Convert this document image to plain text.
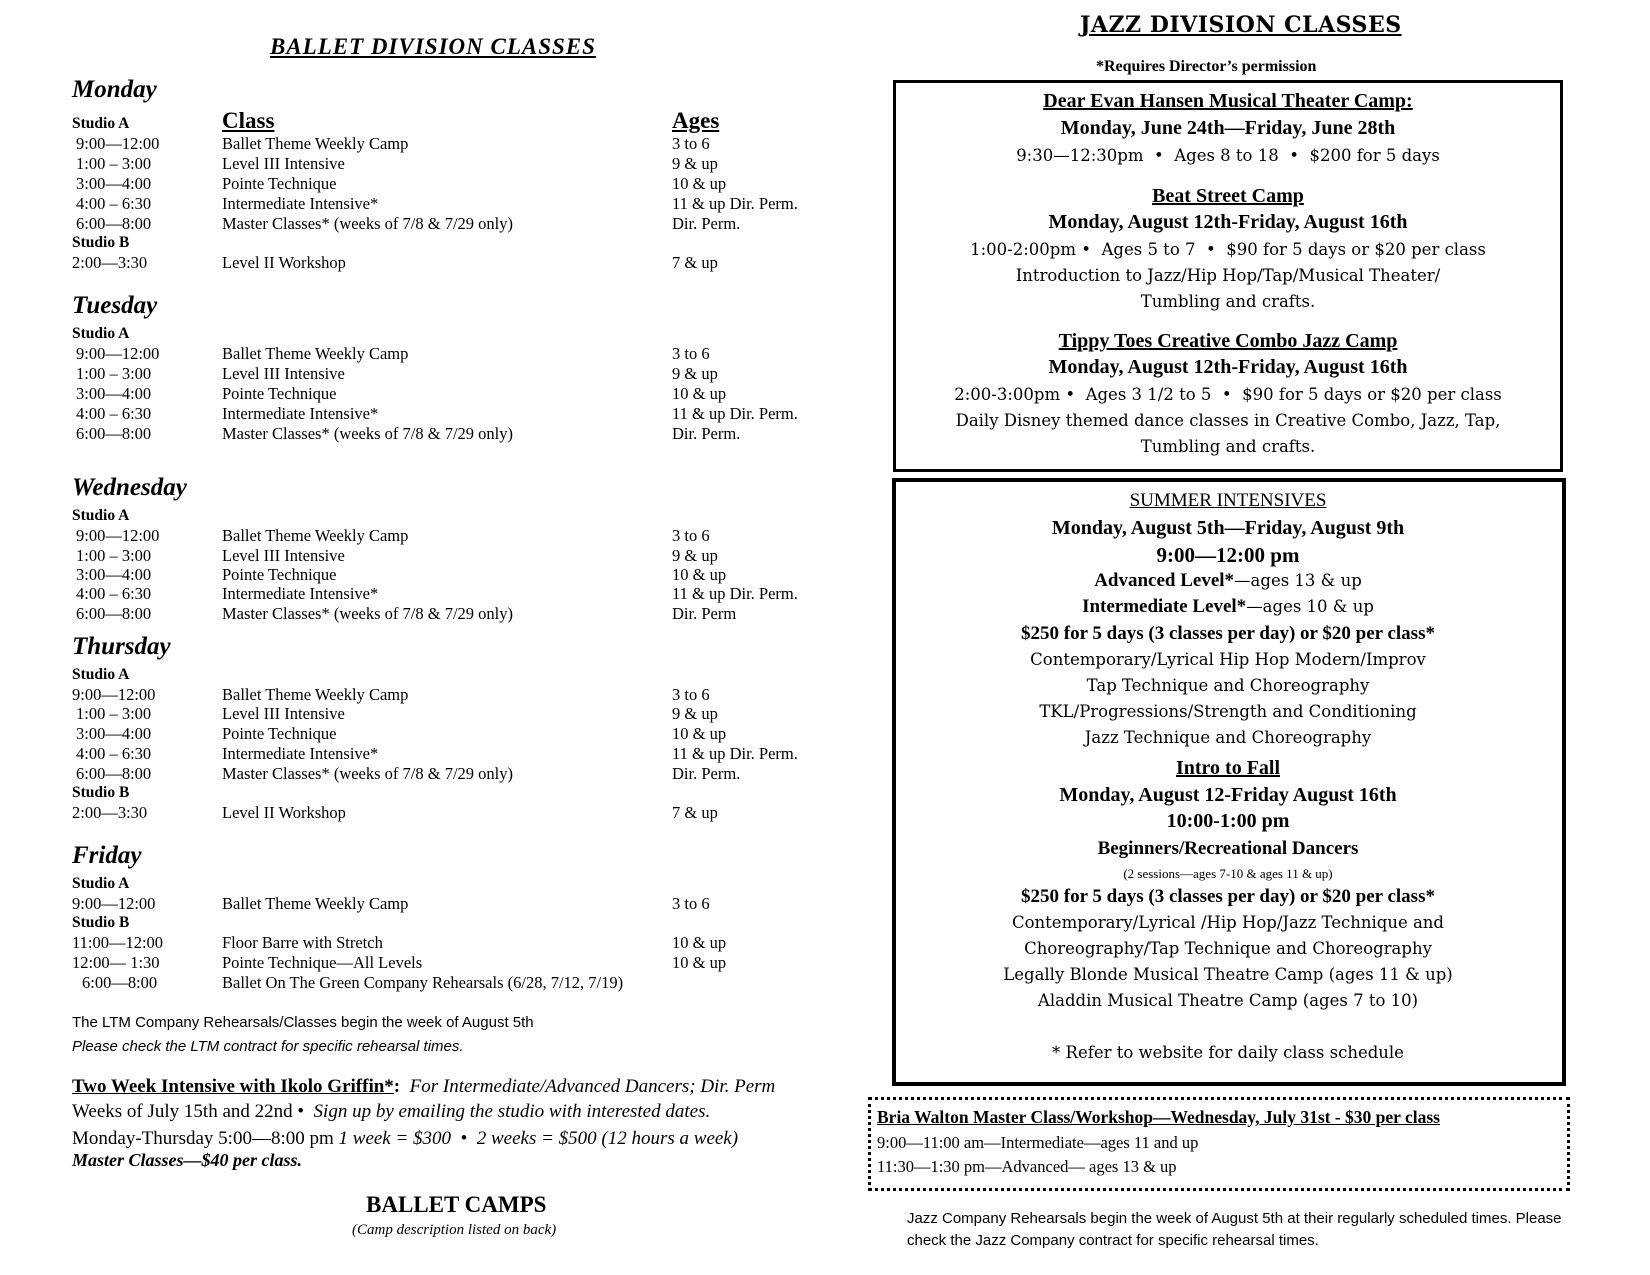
BALLET DIVISION CLASSES
Monday
Class	Ages
Studio A
9:00—12:00	Ballet Theme Weekly Camp	3 to 6
1:00 – 3:00	Level III Intensive	9 & up
3:00—4:00	Pointe Technique	10 & up
4:00 – 6:30	Intermediate Intensive*	11 & up Dir. Perm.
6:00—8:00	Master Classes* (weeks of 7/8 & 7/29 only)	Dir. Perm.
Studio B
2:00—3:30	Level II Workshop	7 & up
Tuesday
Studio A
9:00—12:00	Ballet Theme Weekly Camp	3 to 6
1:00 – 3:00	Level III Intensive	9 & up
3:00—4:00	Pointe Technique	10 & up
4:00 – 6:30	Intermediate Intensive*	11 & up Dir. Perm.
6:00—8:00	Master Classes* (weeks of 7/8 & 7/29 only)	Dir. Perm.
Wednesday
Studio A
9:00—12:00	Ballet Theme Weekly Camp	3 to 6
1:00 – 3:00	Level III Intensive	9 & up
3:00—4:00	Pointe Technique	10 & up
4:00 – 6:30	Intermediate Intensive*	11 & up Dir. Perm.
6:00—8:00	Master Classes* (weeks of 7/8 & 7/29 only)	Dir. Perm
Thursday
Studio A
9:00—12:00	Ballet Theme Weekly Camp	3 to 6
1:00 – 3:00	Level III Intensive	9 & up
3:00—4:00	Pointe Technique	10 & up
4:00 – 6:30	Intermediate Intensive*	11 & up Dir. Perm.
6:00—8:00	Master Classes* (weeks of 7/8 & 7/29 only)	Dir. Perm.
Studio B
2:00—3:30	Level II Workshop	7 & up
Friday
Studio A
9:00—12:00	Ballet Theme Weekly Camp	3 to 6
Studio B
11:00—12:00	Floor Barre with Stretch	10 & up
12:00— 1:30	Pointe Technique—All Levels	10 & up
6:00—8:00	Ballet On The Green Company Rehearsals (6/28, 7/12, 7/19)
The LTM Company Rehearsals/Classes begin the week of August 5th
Please check the LTM contract for specific rehearsal times.
Two Week Intensive with Ikolo Griffin*: For Intermediate/Advanced Dancers; Dir. Perm
Weeks of July 15th and 22nd •  Sign up by emailing the studio with interested dates.
Monday-Thursday 5:00—8:00 pm 1 week = $300  •  2 weeks = $500 (12 hours a week)
Master Classes—$40 per class.
BALLET CAMPS
(Camp description listed on back)
JAZZ DIVISION CLASSES
*Requires Director’s permission
Dear Evan Hansen Musical Theater Camp:
Monday, June 24th—Friday, June 28th
9:30—12:30pm  •  Ages 8 to 18  •  $200 for 5 days
Beat Street Camp
Monday, August 12th-Friday, August 16th
1:00-2:00pm •  Ages 5 to 7  •  $90 for 5 days or $20 per class
Introduction to Jazz/Hip Hop/Tap/Musical Theater/
Tumbling and crafts.
Tippy Toes Creative Combo Jazz Camp
Monday, August 12th-Friday, August 16th
2:00-3:00pm •  Ages 3 1/2 to 5  •  $90 for 5 days or $20 per class
Daily Disney themed dance classes in Creative Combo, Jazz, Tap,
Tumbling and crafts.
SUMMER INTENSIVES
Monday, August 5th—Friday, August 9th
9:00—12:00 pm
Advanced Level*—ages 13 & up
Intermediate Level*—ages 10 & up
$250 for 5 days (3 classes per day) or $20 per class*
Contemporary/Lyrical Hip Hop Modern/Improv
Tap Technique and Choreography
TKL/Progressions/Strength and Conditioning
Jazz Technique and Choreography
Intro to Fall
Monday, August 12-Friday August 16th
10:00-1:00 pm
Beginners/Recreational Dancers
(2 sessions—ages 7-10 & ages 11 & up)
$250 for 5 days (3 classes per day) or $20 per class*
Contemporary/Lyrical /Hip Hop/Jazz Technique and
Choreography/Tap Technique and Choreography
Legally Blonde Musical Theatre Camp (ages 11 & up)
Aladdin Musical Theatre Camp (ages 7 to 10)
* Refer to website for daily class schedule
Bria Walton Master Class/Workshop—Wednesday, July 31st - $30 per class
9:00—11:00 am—Intermediate—ages 11 and up
11:30—1:30 pm—Advanced— ages 13 & up
Jazz Company Rehearsals begin the week of August 5th at their regularly scheduled times. Please check the Jazz Company contract for specific rehearsal times.
